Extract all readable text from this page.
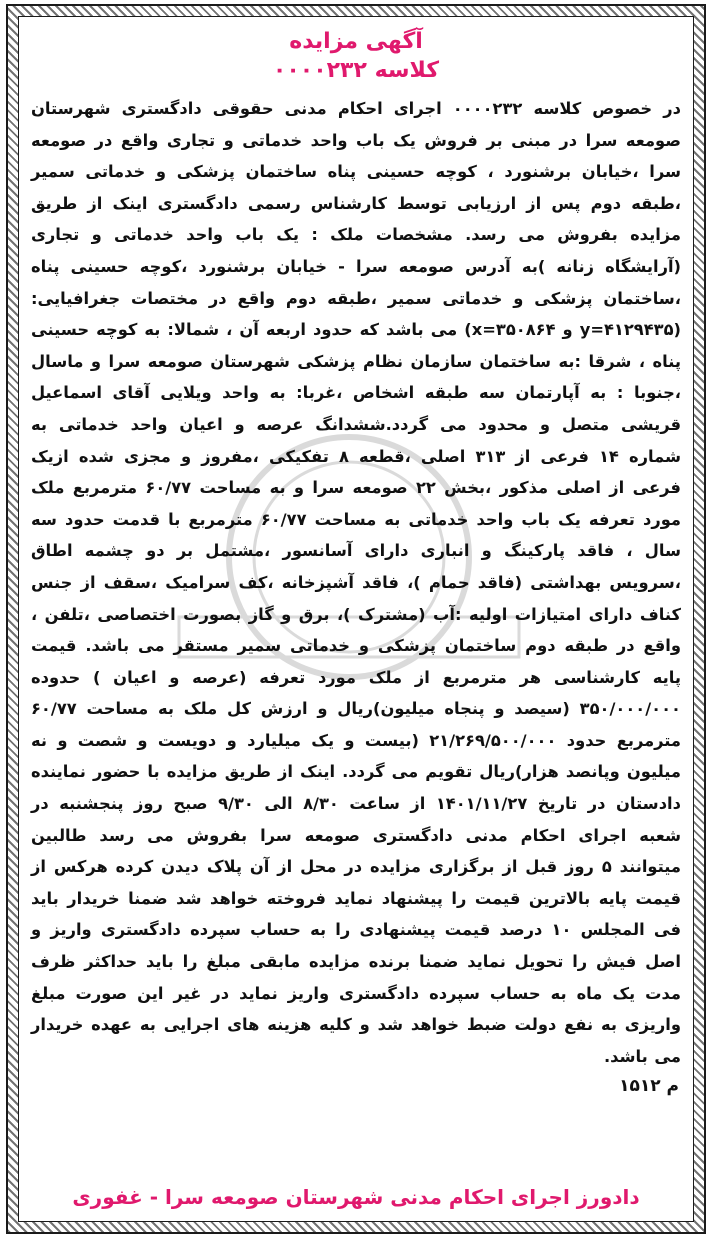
آگهی مزایده
کلاسه ۰۰۰۰۲۳۲
در خصوص کلاسه ۰۰۰۰۲۳۲ اجرای احکام مدنی حقوقی دادگستری شهرستان صومعه سرا در مبنی بر فروش یک باب واحد خدماتی و تجاری واقع در صومعه سرا ،خیابان برشنورد ، کوچه حسینی پناه ساختمان پزشکی و خدماتی سمیر ،طبقه دوم پس از ارزیابی توسط کارشناس رسمی دادگستری اینک از طریق مزایده بفروش می رسد. مشخصات ملک : یک باب واحد خدماتی و تجاری (آرایشگاه زنانه )به آدرس صومعه سرا - خیابان برشنورد ،کوچه حسینی پناه ،ساختمان پزشکی و خدماتی سمیر ،طبقه دوم واقع در مختصات جغرافیایی: (۴۱۲۹۴۳۵=y و ۳۵۰۸۶۴=x) می باشد که حدود اربعه آن ، شمالا: به کوچه حسینی پناه ، شرقا :به ساختمان سازمان نظام پزشکی شهرستان صومعه سرا و ماسال ،جنوبا : به آپارتمان سه طبقه اشخاص ،غربا: به واحد ویلایی آقای اسماعیل قریشی متصل و محدود می گردد.ششدانگ عرصه و اعیان واحد خدماتی به شماره ۱۴ فرعی از ۳۱۳ اصلی ،قطعه ۸ تفکیکی ،مفروز و مجزی شده ازیک فرعی از اصلی مذکور ،بخش ۲۲ صومعه سرا و به مساحت ۶۰/۷۷ مترمربع ملک مورد تعرفه یک باب واحد خدماتی به مساحت ۶۰/۷۷ مترمربع با قدمت حدود سه سال ، فاقد پارکینگ و انباری دارای آسانسور ،مشتمل بر دو چشمه اطاق ،سرویس بهداشتی (فاقد حمام )، فاقد آشپزخانه ،کف سرامیک ،سقف از جنس کناف دارای امتیازات اولیه :آب (مشترک )، برق و گاز بصورت اختصاصی ،تلفن ، واقع در طبقه دوم ساختمان پزشکی و خدماتی سمیر مستقر می باشد. قیمت پایه کارشناسی هر مترمربع از ملک مورد تعرفه (عرصه و اعیان ) حدوده ۳۵۰/۰۰۰/۰۰۰ (سیصد و پنجاه میلیون)ریال و ارزش کل ملک به مساحت ۶۰/۷۷ مترمربع حدود ۲۱/۲۶۹/۵۰۰/۰۰۰ (بیست و یک میلیارد و دویست و شصت و نه میلیون وپانصد هزار)ریال تقویم می گردد. اینک از طریق مزایده با حضور نماینده دادستان در تاریخ ۱۴۰۱/۱۱/۲۷ از ساعت ۸/۳۰ الی ۹/۳۰ صبح روز پنجشنبه در شعبه اجرای احکام مدنی دادگستری صومعه سرا بفروش می رسد طالبین میتوانند ۵ روز قبل از برگزاری مزایده در محل از آن پلاک دیدن کرده هرکس از قیمت پایه بالاترین قیمت را پیشنهاد نماید فروخته خواهد شد ضمنا خریدار باید فی المجلس ۱۰ درصد قیمت پیشنهادی را به حساب سپرده دادگستری واریز و اصل فیش را تحویل نماید ضمنا برنده مزایده مابقی مبلغ را باید حداکثر ظرف مدت یک ماه به حساب سپرده دادگستری واریز نماید در غیر این صورت مبلغ واریزی به نفع دولت ضبط خواهد شد و کلیه هزینه های اجرایی به عهده خریدار می باشد.
م ۱۵۱۲
دادورز اجرای احکام مدنی شهرستان صومعه سرا - غفوری
